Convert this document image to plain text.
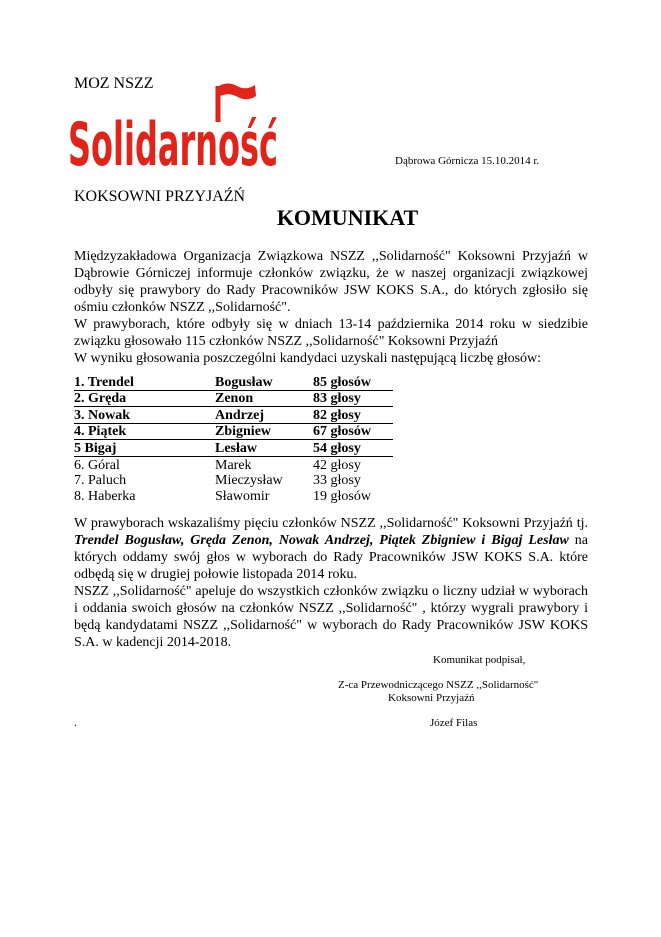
MOZ NSZZ
Solidarność	Dąbrowa Górnicza 15.10.2014 r.
KOKSOWNI PRZYJAŹŃ
KOMUNIKAT

Międzyzakładowa Organizacja Związkowa NSZZ ,,Solidarność" Koksowni Przyjaźń w Dąbrowie Górniczej informuje członków związku, że w naszej organizacji związkowej odbyły się prawybory do Rady Pracowników JSW KOKS S.A., do których zgłosiło się ośmiu członków NSZZ ,,Solidarność".

W prawyborach, które odbyły się w dniach 13-14 października 2014 roku w siedzibie związku głosowało 115 członków NSZZ ,,Solidarność" Koksowni Przyjaźń

W wyniku głosowania poszczególni kandydaci uzyskali następującą liczbę głosów:

1. Trendel	Bogusław	85 głosów
2. Gręda	Zenon	83 głosy
3. Nowak	Andrzej	82 głosy
4. Piątek	Zbigniew	67 głosów
5 Bigaj	Lesław	54 głosy
6. Góral	Marek	42 głosy
7. Paluch	Mieczysław	33 głosy
8. Haberka	Sławomir	19 głosów

W prawyborach wskazaliśmy pięciu członków NSZZ ,,Solidarność" Koksowni Przyjaźń tj. Trendel Bogusław, Gręda Zenon, Nowak Andrzej, Piątek Zbigniew i Bigaj Lesław na których oddamy swój głos w wyborach do Rady Pracowników JSW KOKS S.A. które odbędą się w drugiej połowie listopada 2014 roku.

NSZZ ,,Solidarność" apeluje do wszystkich członków związku o liczny udział w wyborach i oddania swoich głosów na członków NSZZ ,,Solidarność" , którzy wygrali prawybory i będą kandydatami NSZZ ,,Solidarność" w wyborach do Rady Pracowników JSW KOKS S.A. w kadencji 2014-2018.

Komunikat podpisał,
Z-ca Przewodniczącego NSZZ ,,Solidarność"
Koksowni Przyjaźń
.	Józef Filas
